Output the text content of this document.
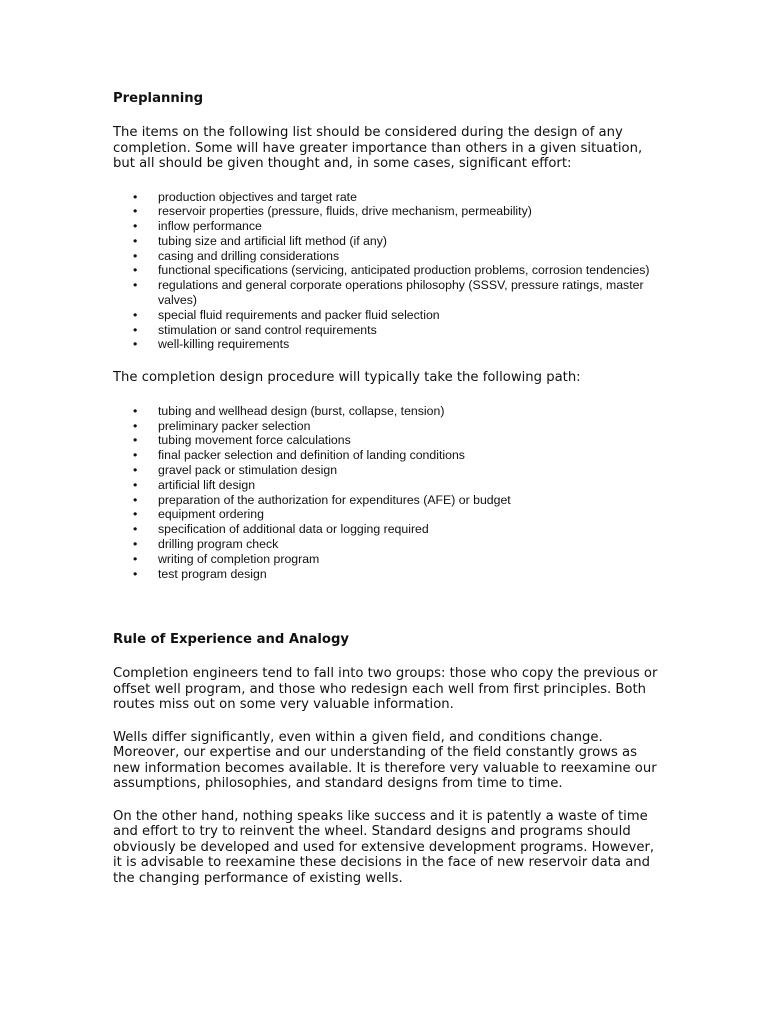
Preplanning

The items on the following list should be considered during the design of any completion. Some will have greater importance than others in a given situation, but all should be given thought and, in some cases, significant effort:

• production objectives and target rate
• reservoir properties (pressure, fluids, drive mechanism, permeability)
• inflow performance
• tubing size and artificial lift method (if any)
• casing and drilling considerations
• functional specifications (servicing, anticipated production problems, corrosion tendencies)
• regulations and general corporate operations philosophy (SSSV, pressure ratings, master valves)
• special fluid requirements and packer fluid selection
• stimulation or sand control requirements
• well-killing requirements

The completion design procedure will typically take the following path:

• tubing and wellhead design (burst, collapse, tension)
• preliminary packer selection
• tubing movement force calculations
• final packer selection and definition of landing conditions
• gravel pack or stimulation design
• artificial lift design
• preparation of the authorization for expenditures (AFE) or budget
• equipment ordering
• specification of additional data or logging required
• drilling program check
• writing of completion program
• test program design
Rule of Experience and Analogy

Completion engineers tend to fall into two groups: those who copy the previous or offset well program, and those who redesign each well from first principles. Both routes miss out on some very valuable information.

Wells differ significantly, even within a given field, and conditions change. Moreover, our expertise and our understanding of the field constantly grows as new information becomes available. It is therefore very valuable to reexamine our assumptions, philosophies, and standard designs from time to time.

On the other hand, nothing speaks like success and it is patently a waste of time and effort to try to reinvent the wheel. Standard designs and programs should obviously be developed and used for extensive development programs. However, it is advisable to reexamine these decisions in the face of new reservoir data and the changing performance of existing wells.
